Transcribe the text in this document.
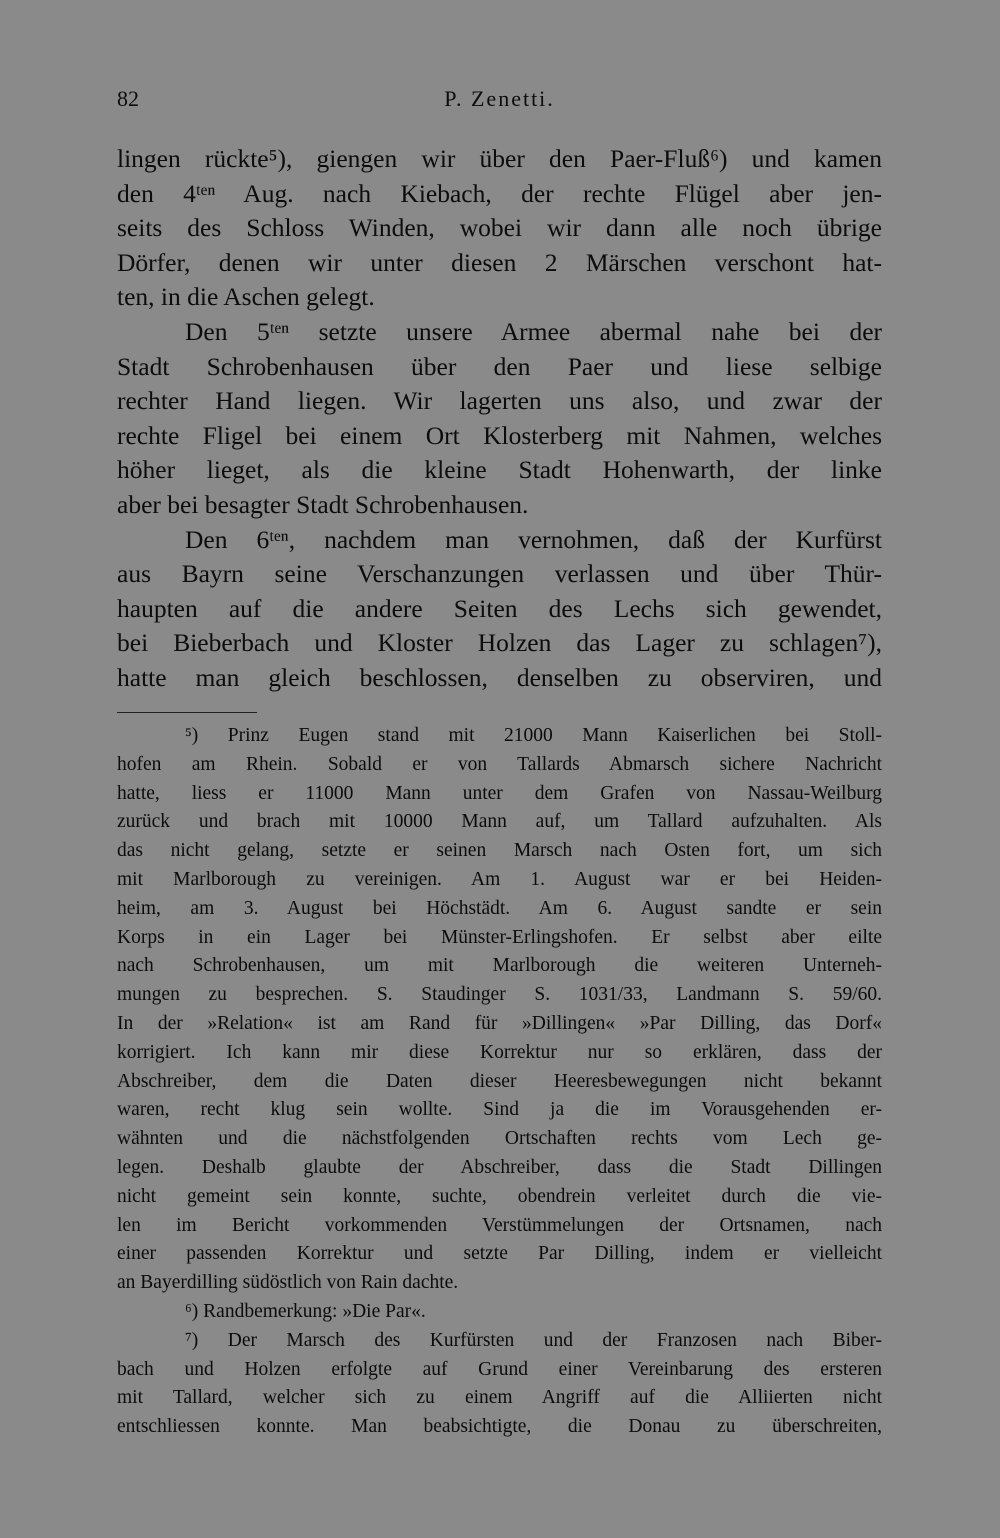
82	P. Zenetti.
lingen rückte⁵), giengen wir über den Paer-Fluß⁶) und kamen
den 4ᵗᵉⁿ Aug. nach Kiebach, der rechte Flügel aber jen-
seits des Schloss Winden, wobei wir dann alle noch übrige
Dörfer, denen wir unter diesen 2 Märschen verschont hat-
ten, in die Aschen gelegt.
Den 5ᵗᵉⁿ setzte unsere Armee abermal nahe bei der
Stadt Schrobenhausen über den Paer und liese selbige
rechter Hand liegen. Wir lagerten uns also, und zwar der
rechte Fligel bei einem Ort Klosterberg mit Nahmen, welches
höher lieget, als die kleine Stadt Hohenwarth, der linke
aber bei besagter Stadt Schrobenhausen.
Den 6ᵗᵉⁿ, nachdem man vernohmen, daß der Kurfürst
aus Bayrn seine Verschanzungen verlassen und über Thür-
haupten auf die andere Seiten des Lechs sich gewendet,
bei Bieberbach und Kloster Holzen das Lager zu schlagen⁷),
hatte man gleich beschlossen, denselben zu observiren, und
⁵) Prinz Eugen stand mit 21000 Mann Kaiserlichen bei Stoll-
hofen am Rhein. Sobald er von Tallards Abmarsch sichere Nachricht
hatte, liess er 11000 Mann unter dem Grafen von Nassau-Weilburg
zurück und brach mit 10000 Mann auf, um Tallard aufzuhalten. Als
das nicht gelang, setzte er seinen Marsch nach Osten fort, um sich
mit Marlborough zu vereinigen. Am 1. August war er bei Heiden-
heim, am 3. August bei Höchstädt. Am 6. August sandte er sein
Korps in ein Lager bei Münster-Erlingshofen. Er selbst aber eilte
nach Schrobenhausen, um mit Marlborough die weiteren Unterneh-
mungen zu besprechen. S. Staudinger S. 1031/33, Landmann S. 59/60.
In der »Relation« ist am Rand für »Dillingen« »Par Dilling, das Dorf«
korrigiert. Ich kann mir diese Korrektur nur so erklären, dass der
Abschreiber, dem die Daten dieser Heeresbewegungen nicht bekannt
waren, recht klug sein wollte. Sind ja die im Vorausgehenden er-
wähnten und die nächstfolgenden Ortschaften rechts vom Lech ge-
legen. Deshalb glaubte der Abschreiber, dass die Stadt Dillingen
nicht gemeint sein konnte, suchte, obendrein verleitet durch die vie-
len im Bericht vorkommenden Verstümmelungen der Ortsnamen, nach
einer passenden Korrektur und setzte Par Dilling, indem er vielleicht
an Bayerdilling südöstlich von Rain dachte.
⁶) Randbemerkung: »Die Par«.
⁷) Der Marsch des Kurfürsten und der Franzosen nach Biber-
bach und Holzen erfolgte auf Grund einer Vereinbarung des ersteren
mit Tallard, welcher sich zu einem Angriff auf die Alliierten nicht
entschliessen konnte. Man beabsichtigte, die Donau zu überschreiten,
